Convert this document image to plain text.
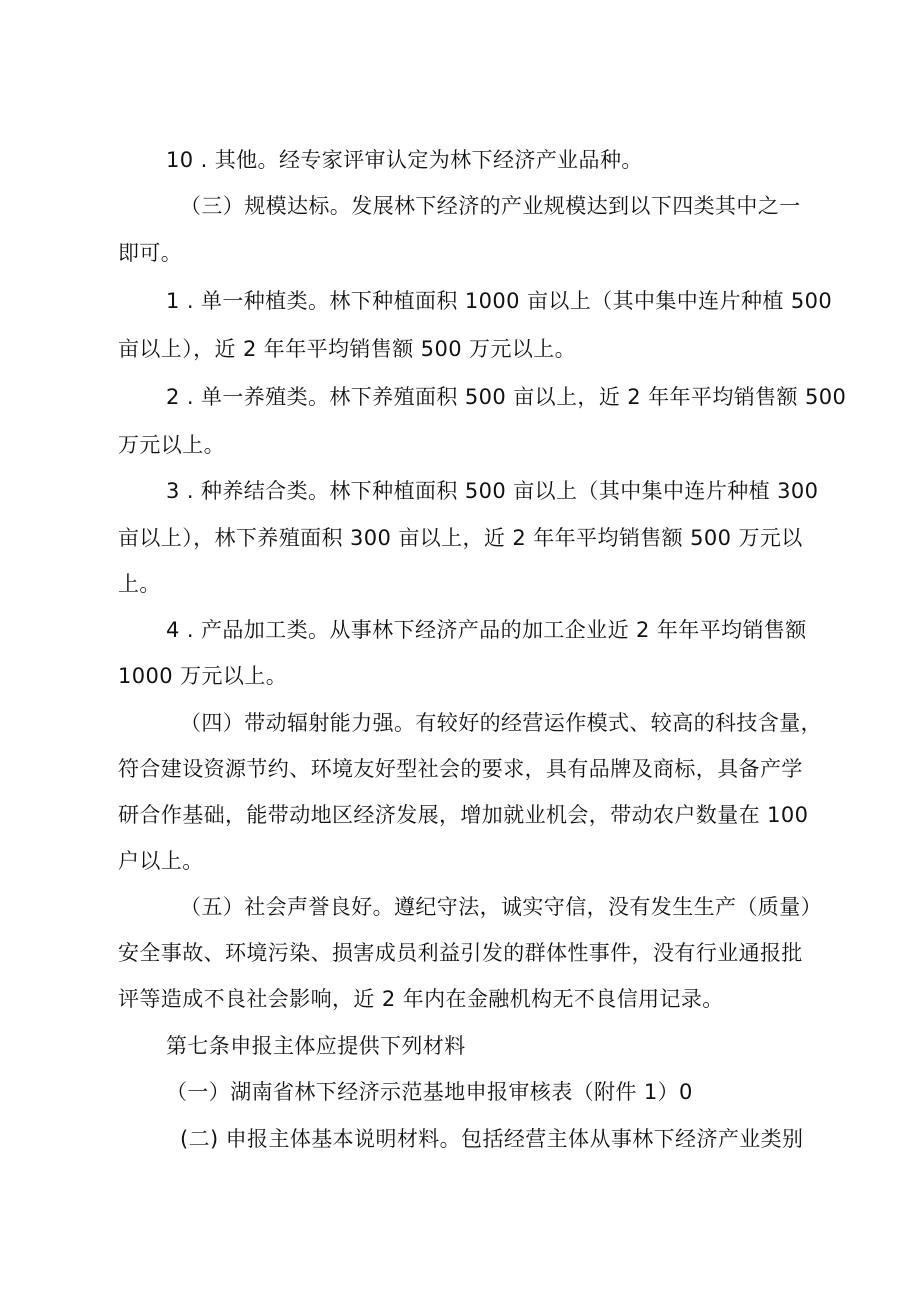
10 . 其他。经专家评审认定为林下经济产业品种。
（三）规模达标。发展林下经济的产业规模达到以下四类其中之一
即可。
1 . 单一种植类。林下种植面积 1000 亩以上（其中集中连片种植 500
亩以上），近 2 年年平均销售额 500 万元以上。
2 . 单一养殖类。林下养殖面积 500 亩以上，近 2 年年平均销售额 500
万元以上。
3 . 种养结合类。林下种植面积 500 亩以上（其中集中连片种植 300
亩以上），林下养殖面积 300 亩以上，近 2 年年平均销售额 500 万元以
上。
4 . 产品加工类。从事林下经济产品的加工企业近 2 年年平均销售额
1000 万元以上。
（四）带动辐射能力强。有较好的经营运作模式、较高的科技含量，
符合建设资源节约、环境友好型社会的要求，具有品牌及商标，具备产学
研合作基础，能带动地区经济发展，增加就业机会，带动农户数量在 100
户以上。
（五）社会声誉良好。遵纪守法，诚实守信，没有发生生产（质量）
安全事故、环境污染、损害成员利益引发的群体性事件，没有行业通报批
评等造成不良社会影响，近 2 年内在金融机构无不良信用记录。
第七条申报主体应提供下列材料
（一）湖南省林下经济示范基地申报审核表（附件 1）0
(二) 申报主体基本说明材料。包括经营主体从事林下经济产业类别
